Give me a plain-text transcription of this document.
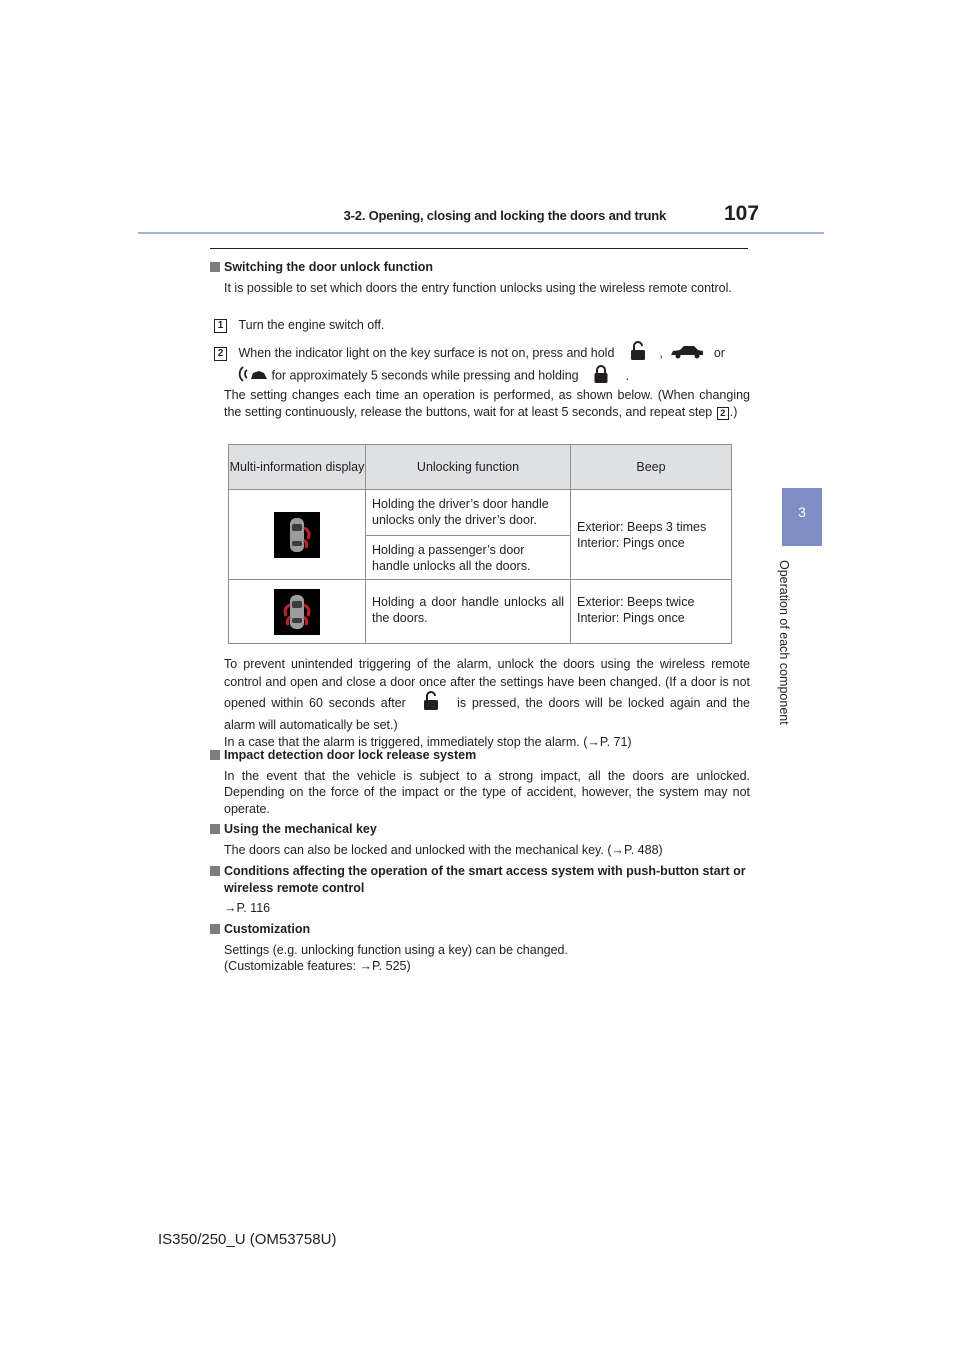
3-2. Opening, closing and locking the doors and trunk	107
3
Operation of each component
Switching the door unlock function
It is possible to set which doors the entry function unlocks using the wireless remote control.
1 Turn the engine switch off.
2 When the indicator light on the key surface is not on, press and hold	,	or
for approximately 5 seconds while pressing and holding	.
The setting changes each time an operation is performed, as shown below. (When changing the setting continuously, release the buttons, wait for at least 5 seconds, and repeat step 2 .)
Multi-information display	Unlocking function	Beep
	Holding the driver’s door handle unlocks only the driver’s door.	Exterior: Beeps 3 times
Interior: Pings once

	Holding a passenger’s door handle unlocks all the doors.	
	Holding a door handle unlocks all the doors.	Exterior: Beeps twice
Interior: Pings once
To prevent unintended triggering of the alarm, unlock the doors using the wireless remote control and open and close a door once after the settings have been changed. (If a door is not opened within 60 seconds after	is pressed, the doors will be locked again and the alarm will automatically be set.)
In a case that the alarm is triggered, immediately stop the alarm. (→P. 71)
Impact detection door lock release system
In the event that the vehicle is subject to a strong impact, all the doors are unlocked. Depending on the force of the impact or the type of accident, however, the system may not operate.
Using the mechanical key
The doors can also be locked and unlocked with the mechanical key. (→P. 488)
Conditions affecting the operation of the smart access system with push-button start or wireless remote control
→P. 116
Customization
Settings (e.g. unlocking function using a key) can be changed.
(Customizable features: →P. 525)
IS350/250_U (OM53758U)
